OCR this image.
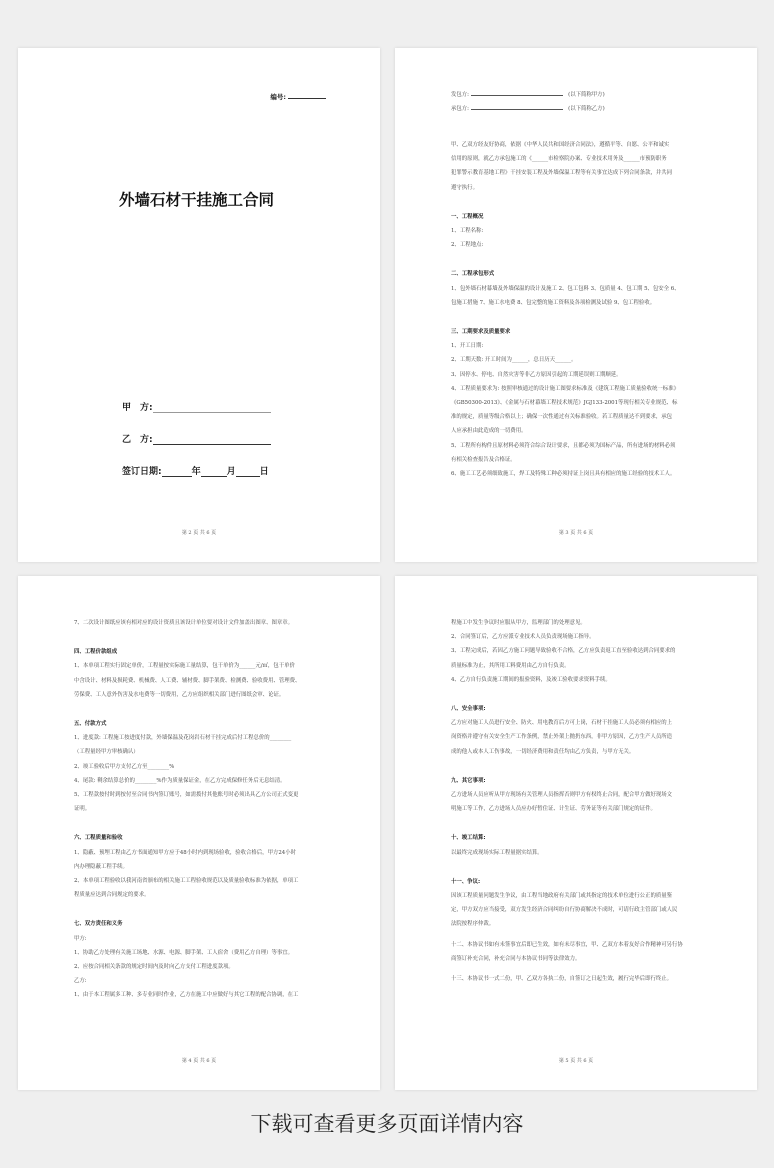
编号:
外墙石材干挂施工合同

甲　方:
乙　方:
签订日期:	年	月	日
第 2 页 共 6 页

发包方: 　	(以下简称甲方)

承包方: 　	(以下简称乙方)

甲、乙双方经友好协商，依据《中华人民共和国经济合同法》，遵循平等、自愿、公平和诚实

信用的原则，就乙方承包施工的《______市检察院办案、专业技术用务及______市预防职务

犯罪警示教育基地工程》干挂安装工程及外墙保温工程等有关事宜达成下列合同条款，并共同

遵守执行。

一、工程概况

1、工程名称:

2、工程地点:

二、工程承包形式

1、包外墙石材幕墙及外墙保温的设计及施工 2、包工包料 3、包质量 4、包工期 5、包安全 6、

包施工措施 7、施工水电费 8、包完整的施工资料及各项检测及试验 9、包工程验收。

三、工期要求及质量要求

1、开工日期:

2、工期天数: 开工时间为______，总日历天______。

3、因停水、停电、自然灾害等非乙方原因引起的工期延误则工期顺延。

4、工程质量要求为: 按照审核通过的设计施工图要求标准及《建筑工程施工质量验收统一标准》

《GB50300-2013》、《金属与石材幕墙工程技术规范》JGJ133-2001等现行相关专业规范、标

准的规定，质量等级合格以上；确保一次性通过有关标准验收。若工程质量达不到要求，承包

人应承担由此造成的一切费用。

5、工程所有构件且原材料必须符合综合设计要求，且都必须为国标产品，所有进场的材料必须

有相关检查报告及合格证。

6、施工工艺必须细致施工，焊工及特殊工种必须持证上岗且具有相应的施工经验的技术工人。

第 3 页 共 6 页

7、二次设计图纸应该有相对应的设计资质且该设计单位要对设计文件加盖出图章、图章章。

四、工程价款组成

1、本单项工程实行固定单价，工程量按实际施工量结算，包干单价为______元/㎡，包干单价

中含设计、材料及损耗费、机械费、人工费、辅材费、脚手架费、检测费、验收费用、管理费、

劳保费、工人意外伤害及水电费等一切费用，乙方应组织相关部门进行图纸会审、论证。

五、付款方式

1、进度款: 工程施工按进度付款，外墙保温及花岗岩石材干挂完成后付工程总价的________

（工程量经甲方审核确认）

2、竣工验收后甲方支付乙方至________%

4、尾款: 剩余结算总价的________%作为质量保证金，在乙方完成保修任务后无息结清。

5、工程款按付时到按付至合同书内签订账号，如需拨付其他账号时必须出具乙方公司正式变更

证明。

六、工程质量和验收

1、隐蔽、预埋工程由乙方书面通知甲方应于48小时内到现场验收，验收合格后，甲方24小时

内办理隐蔽工程手续。

2、本单项工程验收以我河南省颁布的相关施工工程验收规范以及质量验收标准为依据，单项工

程质量应达到合同规定的要求。

七、双方责任和义务

甲方:

1、协助乙方处理有关施工场地、水源、电源、脚手架、工人宿舍（费用乙方自理）等事宜。

2、应按合同相关条款的规定时间内及时向乙方支付工程进度款项。

乙方:

1、由于本工程属多工种、多专业同时作业，乙方在施工中应做好与其它工程的配合协调，在工

第 4 页 共 6 页

程施工中发生争议时应服从甲方，监理部门的处理意见。

2、合同签订后，乙方应派专业技术人员负责现场施工指导。

3、工程完成后，若因乙方施工问题导致验收不合格，乙方应负责返工直至验收达到合同要求的

质量标准为止，其所用工料费用由乙方自行负责。

4、乙方自行负责施工期间的报验资料，及竣工验收要求资料手续。

八、安全事项:

乙方应对施工人员进行安全、防火、用电教育后方可上岗，石材干挂施工人员必须有相应的上

岗资格并遵守有关安全生产工作条例，禁止外架上抛扔东西，非甲方原因，乙方生产人员所造

成的他人或本人工伤事故，一切经济费用和责任均由乙方负责，与甲方无关。

九、其它事项:

乙方进场人员应听从甲方现场有关管理人员指挥否则甲方有权终止合同，配合甲方做好现场文

明施工等工作，乙方进场人员应办好暂住证、计生证、劳务证等有关部门规定的证件。

十、竣工结算:

以最终完成现场实际工程量据实结算。

十一、争议:

因该工程质量问题发生争议，由工程当地政府有关部门或其指定的技术单位进行公正的质量鉴

定，甲方双方应当接受，双方发生经济合同纠纷自行协商解决不成时，可请行政主管部门或人民

法院按程序仲裁。

十二、本协议书如有未签事宜后即已生效，如有未尽事宜，甲、乙双方本着友好合作精神可另行协

商签订补充合同，补充合同与本协议书同等法律效力。

十三、本协议书一式二份，甲、乙双方各执二份，自签订之日起生效，履行完毕后即行终止。

第 5 页 共 6 页
下载可查看更多页面详情内容
